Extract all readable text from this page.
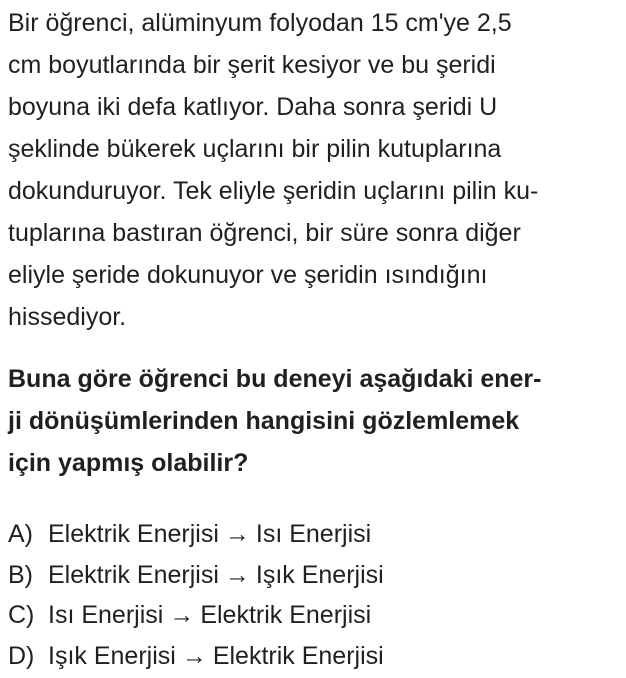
Bir öğrenci, alüminyum folyodan 15 cm'ye 2,5
cm boyutlarında bir şerit kesiyor ve bu şeridi
boyuna iki defa katlıyor. Daha sonra şeridi U
şeklinde bükerek uçlarını bir pilin kutuplarına
dokunduruyor. Tek eliyle şeridin uçlarını pilin ku-
tuplarına bastıran öğrenci, bir süre sonra diğer
eliyle şeride dokunuyor ve şeridin ısındığını
hissediyor.
Buna göre öğrenci bu deneyi aşağıdaki ener-
ji dönüşümlerinden hangisini gözlemlemek
için yapmış olabilir?
A) Elektrik Enerjisi → Isı Enerjisi
B) Elektrik Enerjisi → Işık Enerjisi
C) Isı Enerjisi → Elektrik Enerjisi
D) Işık Enerjisi → Elektrik Enerjisi
